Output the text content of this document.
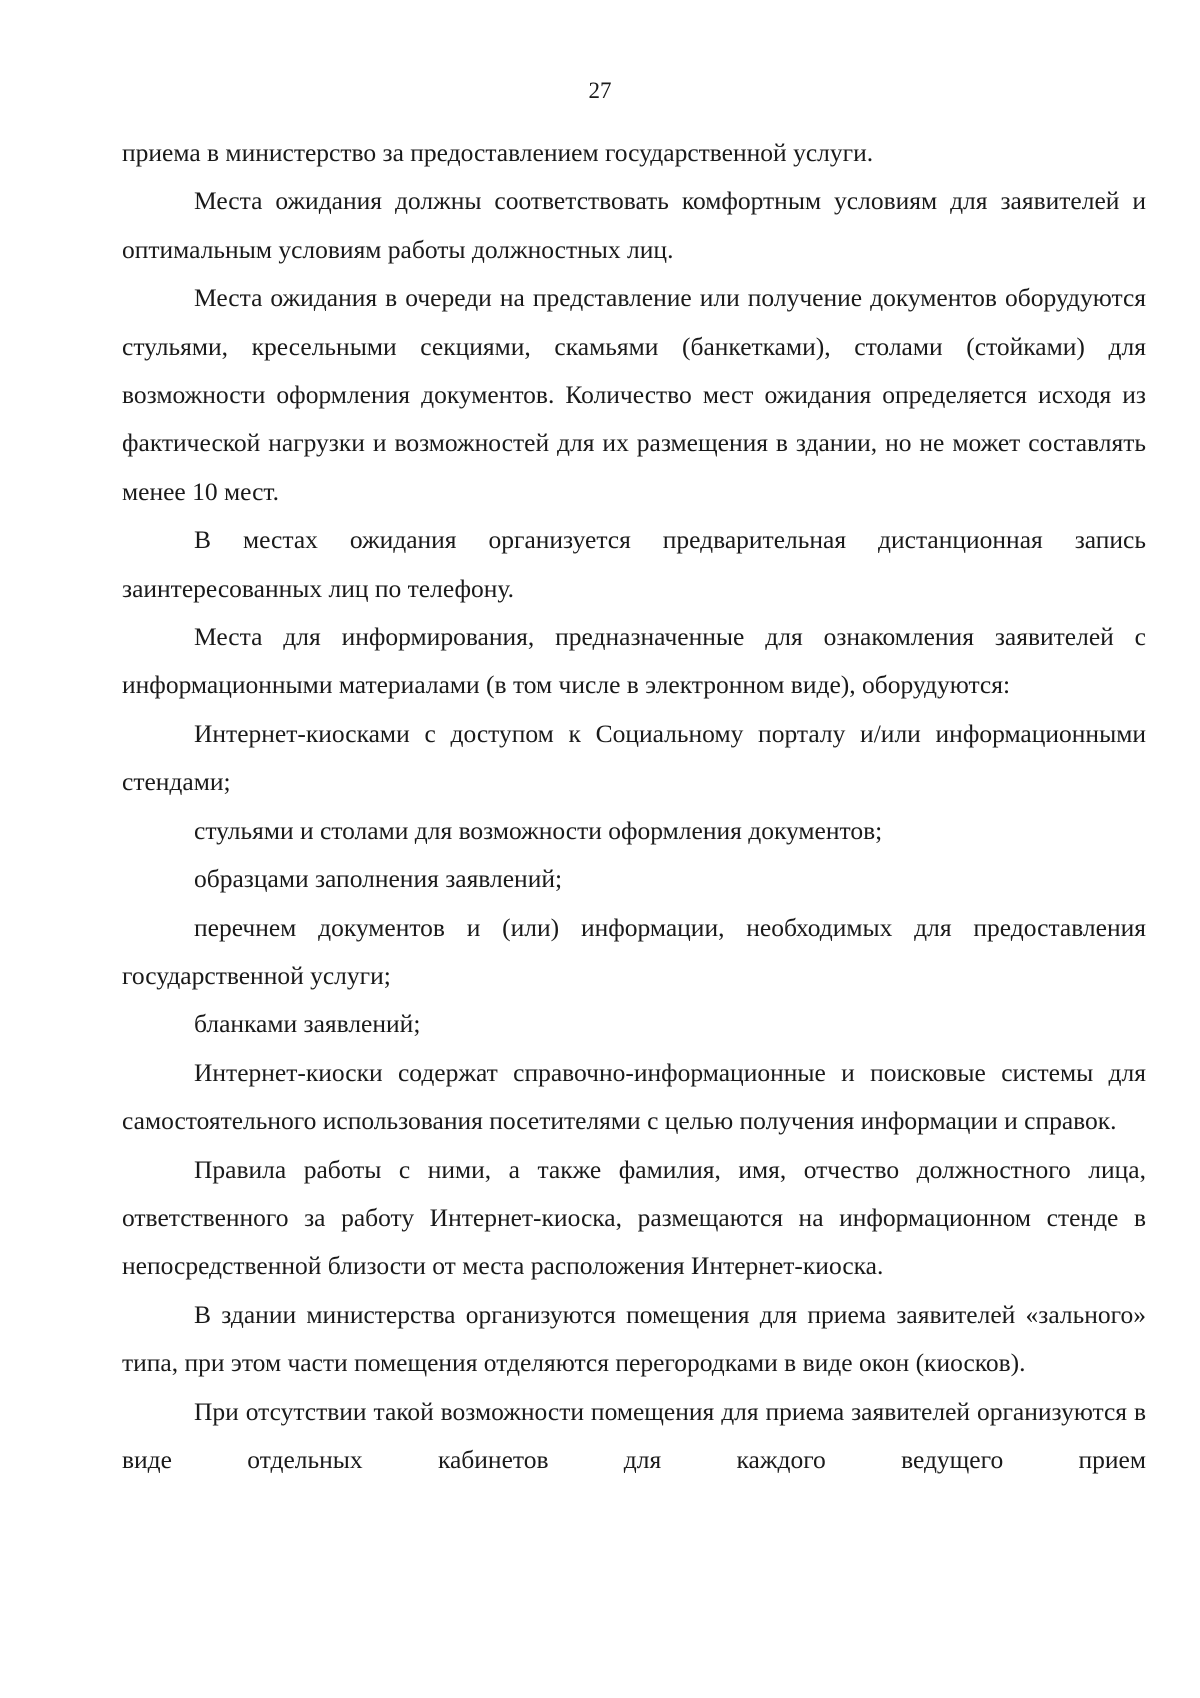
27

приема в министерство за предоставлением государственной услуги.

Места ожидания должны соответствовать комфортным условиям для заявителей и оптимальным условиям работы должностных лиц.

Места ожидания в очереди на представление или получение документов оборудуются стульями, кресельными секциями, скамьями (банкетками), столами (стойками) для возможности оформления документов. Количество мест ожидания определяется исходя из фактической нагрузки и возможностей для их размещения в здании, но не может составлять менее 10 мест.

В местах ожидания организуется предварительная дистанционная запись заинтересованных лиц по телефону.

Места для информирования, предназначенные для ознакомления заявителей с информационными материалами (в том числе в электронном виде), оборудуются:

Интернет-киосками с доступом к Социальному порталу и/или информационными стендами;

стульями и столами для возможности оформления документов;

образцами заполнения заявлений;

перечнем документов и (или) информации, необходимых для предоставления государственной услуги;

бланками заявлений;

Интернет-киоски содержат справочно-информационные и поисковые системы для самостоятельного использования посетителями с целью получения информации и справок.

Правила работы с ними, а также фамилия, имя, отчество должностного лица, ответственного за работу Интернет-киоска, размещаются на информационном стенде в непосредственной близости от места расположения Интернет-киоска.

В здании министерства организуются помещения для приема заявителей «зального» типа, при этом части помещения отделяются перегородками в виде окон (киосков).

При отсутствии такой возможности помещения для приема заявителей организуются в виде отдельных кабинетов для каждого ведущего прием
